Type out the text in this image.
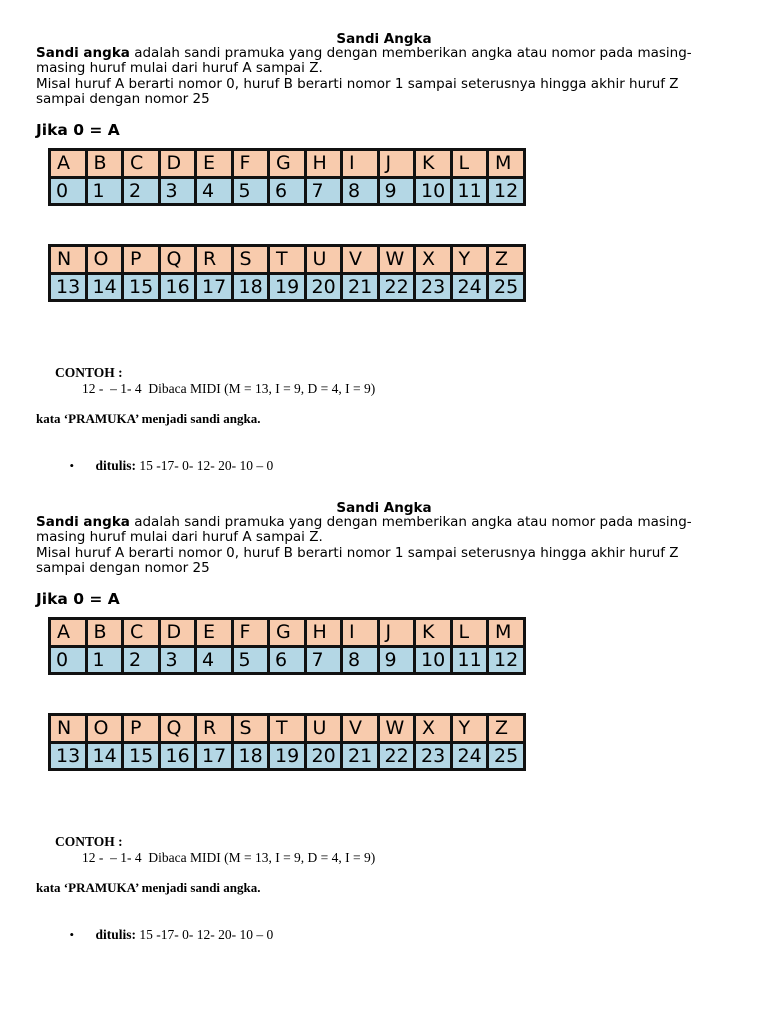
Sandi Angka
Sandi angka adalah sandi pramuka yang dengan memberikan angka atau nomor pada masing-masing huruf mulai dari huruf A sampai Z.
Misal huruf A berarti nomor 0, huruf B berarti nomor 1 sampai seterusnya hingga akhir huruf Z sampai dengan nomor 25
Jika 0 = A
A	B	C	D	E	F	G	H	I	J	K	L	M
0	1	2	3	4	5	6	7	8	9	10	11	12
N	O	P	Q	R	S	T	U	V	W	X	Y	Z
13	14	15	16	17	18	19	20	21	22	23	24	25
CONTOH :
12 -  – 1- 4  Dibaca MIDI (M = 13, I = 9, D = 4, I = 9)
kata ‘PRAMUKA’ menjadi sandi angka.

• ditulis: 15 -17- 0- 12- 20- 10 – 0

Sandi Angka
Sandi angka adalah sandi pramuka yang dengan memberikan angka atau nomor pada masing-masing huruf mulai dari huruf A sampai Z.
Misal huruf A berarti nomor 0, huruf B berarti nomor 1 sampai seterusnya hingga akhir huruf Z sampai dengan nomor 25
Jika 0 = A
A	B	C	D	E	F	G	H	I	J	K	L	M
0	1	2	3	4	5	6	7	8	9	10	11	12
N	O	P	Q	R	S	T	U	V	W	X	Y	Z
13	14	15	16	17	18	19	20	21	22	23	24	25
CONTOH :
12 -  – 1- 4  Dibaca MIDI (M = 13, I = 9, D = 4, I = 9)
kata ‘PRAMUKA’ menjadi sandi angka.

• ditulis: 15 -17- 0- 12- 20- 10 – 0
